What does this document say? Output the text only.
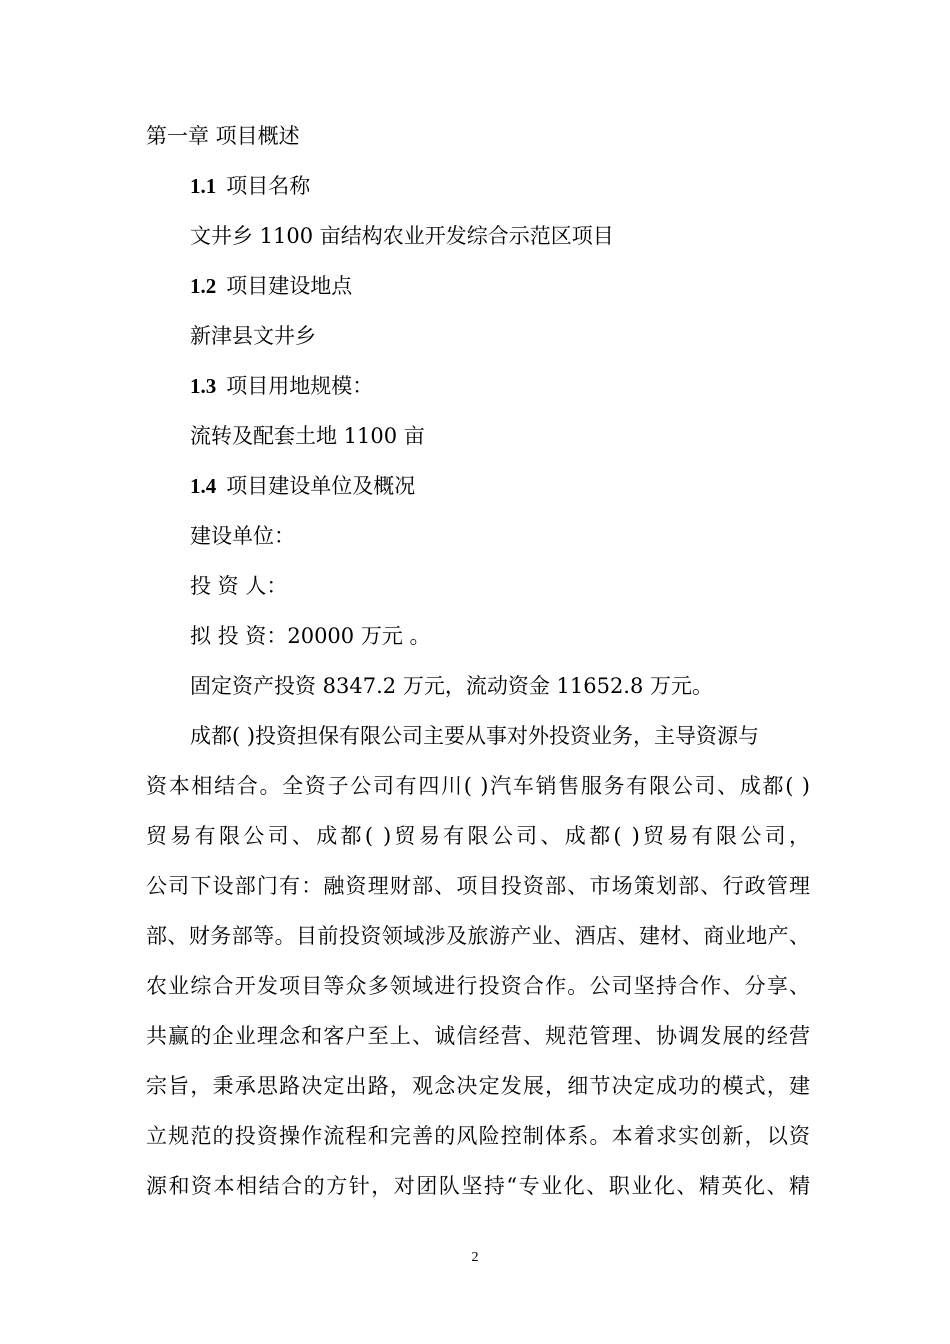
第一章 项目概述
1.1 项目名称
文井乡 1100 亩结构农业开发综合示范区项目
1.2 项目建设地点
新津县文井乡
1.3 项目用地规模：
流转及配套土地 1100 亩
1.4 项目建设单位及概况
建设单位：
投 资 人：
拟 投 资：20000 万元 。
固定资产投资 8347.2 万元，流动资金 11652.8 万元。
成都( )投资担保有限公司主要从事对外投资业务，主导资源与
资本相结合。全资子公司有四川( )汽车销售服务有限公司、成都( )
贸易有限公司、成都( )贸易有限公司、成都( )贸易有限公司，
公司下设部门有：融资理财部、项目投资部、市场策划部、行政管理
部、财务部等。目前投资领域涉及旅游产业、酒店、建材、商业地产、
农业综合开发项目等众多领域进行投资合作。公司坚持合作、分享、
共赢的企业理念和客户至上、诚信经营、规范管理、协调发展的经营
宗旨，秉承思路决定出路，观念决定发展，细节决定成功的模式，建
立规范的投资操作流程和完善的风险控制体系。本着求实创新，以资
源和资本相结合的方针，对团队坚持“专业化、职业化、精英化、精
2
